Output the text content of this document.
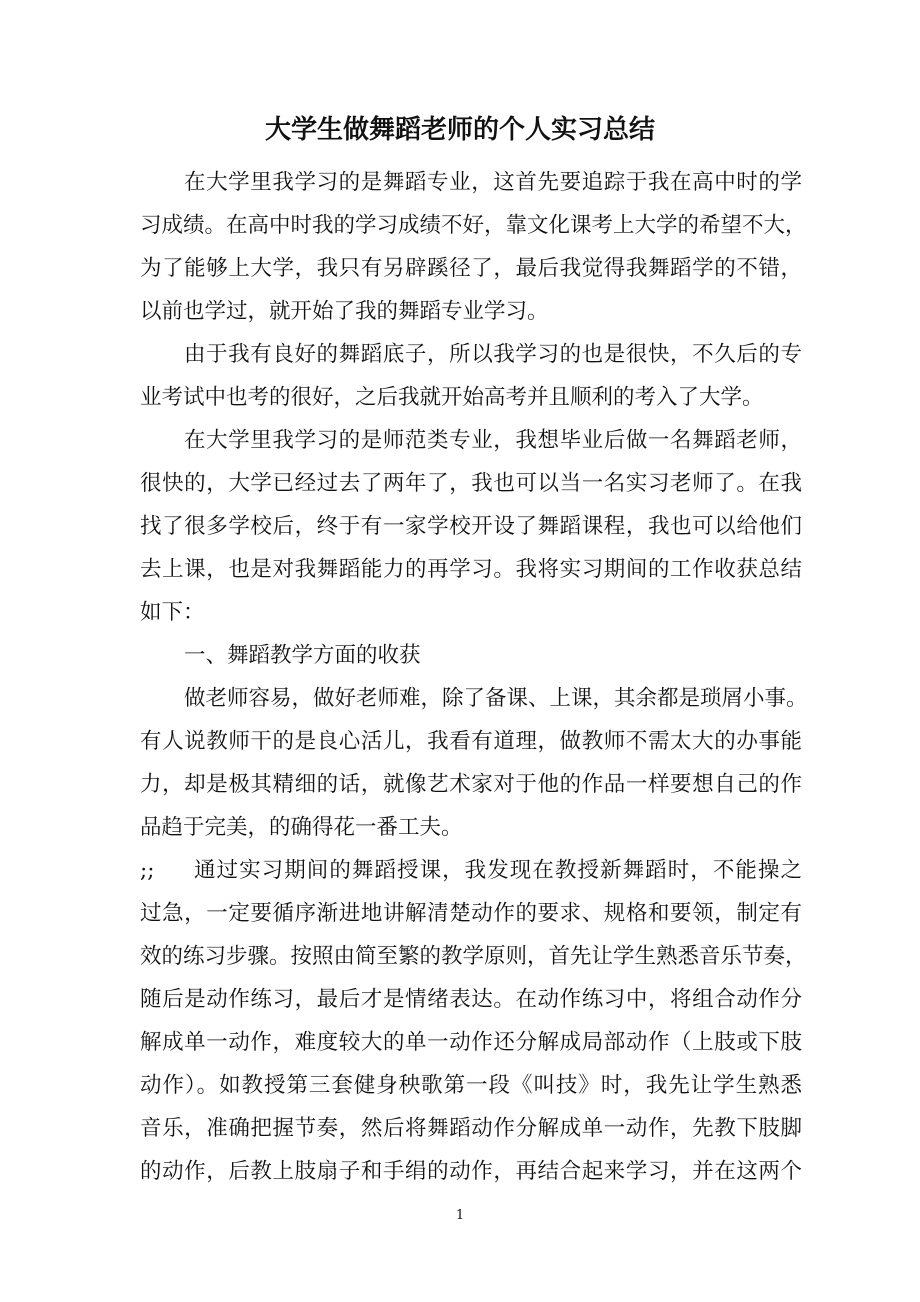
大学生做舞蹈老师的个人实习总结
在大学里我学习的是舞蹈专业，这首先要追踪于我在高中时的学
习成绩。在高中时我的学习成绩不好，靠文化课考上大学的希望不大，
为了能够上大学，我只有另辟蹊径了，最后我觉得我舞蹈学的不错，
以前也学过，就开始了我的舞蹈专业学习。
由于我有良好的舞蹈底子，所以我学习的也是很快，不久后的专
业考试中也考的很好，之后我就开始高考并且顺利的考入了大学。
在大学里我学习的是师范类专业，我想毕业后做一名舞蹈老师，
很快的，大学已经过去了两年了，我也可以当一名实习老师了。在我
找了很多学校后，终于有一家学校开设了舞蹈课程，我也可以给他们
去上课，也是对我舞蹈能力的再学习。我将实习期间的工作收获总结
如下：
一、舞蹈教学方面的收获
做老师容易，做好老师难，除了备课、上课，其余都是琐屑小事。
有人说教师干的是良心活儿，我看有道理，做教师不需太大的办事能
力，却是极其精细的话，就像艺术家对于他的作品一样要想自己的作
品趋于完美，的确得花一番工夫。
;; 通过实习期间的舞蹈授课，我发现在教授新舞蹈时，不能操之
过急，一定要循序渐进地讲解清楚动作的要求、规格和要领，制定有
效的练习步骤。按照由简至繁的教学原则，首先让学生熟悉音乐节奏，
随后是动作练习，最后才是情绪表达。在动作练习中，将组合动作分
解成单一动作，难度较大的单一动作还分解成局部动作（上肢或下肢
动作）。如教授第三套健身秧歌第一段《叫技》时，我先让学生熟悉
音乐，准确把握节奏，然后将舞蹈动作分解成单一动作，先教下肢脚
的动作，后教上肢扇子和手绢的动作，再结合起来学习，并在这两个
1
